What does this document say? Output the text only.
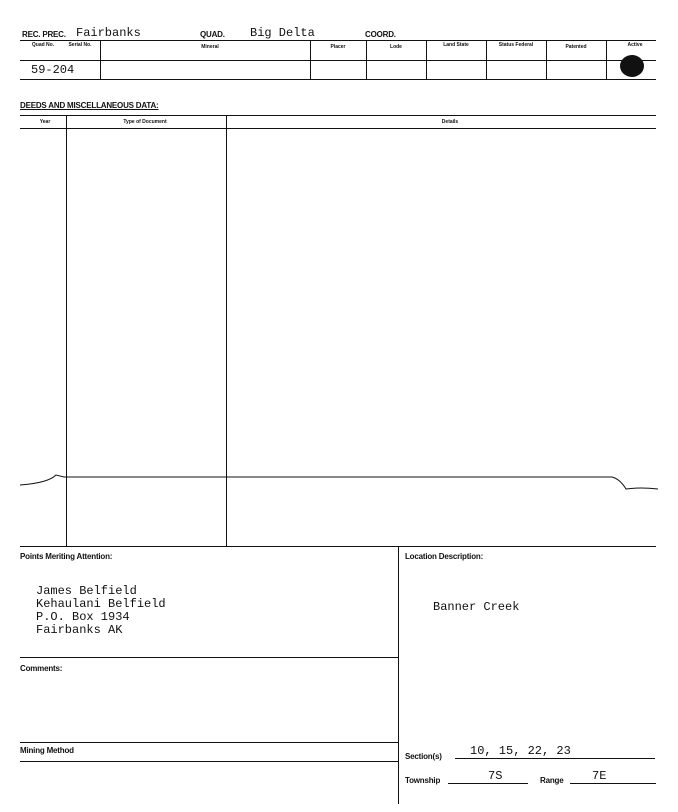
REC. PREC. Fairbanks	QUAD. Big Delta	COORD.
Quad No.	Serial No.	Mineral	Placer	Lode	Land State	Status Federal	Patented	Active
59-204
DEEDS AND MISCELLANEOUS DATA:
Year	Type of Document	Details
Points Meriting Attention:
James Belfield
Kehaulani Belfield
P.O. Box 1934
Fairbanks AK
Location Description:
Banner Creek
Comments:
Mining Method
Section(s) 10, 15, 22, 23
Township	7S	Range 7E
